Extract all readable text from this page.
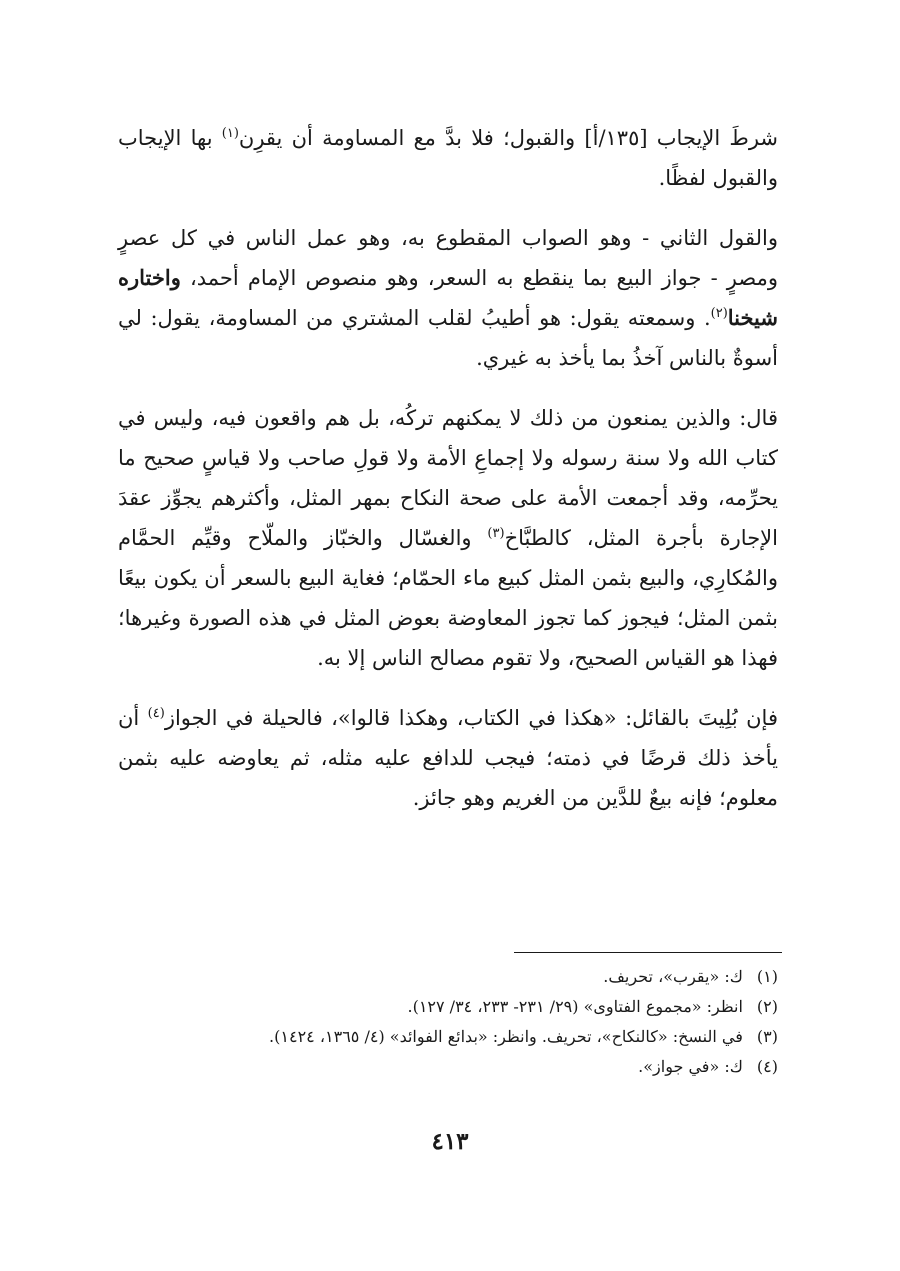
شرطَ الإيجاب [١٣٥/أ] والقبول؛ فلا بدَّ مع المساومة أن يقرِن$^{(١)}$ بها الإيجاب والقبول لفظًا.

والقول الثاني - وهو الصواب المقطوع به، وهو عمل الناس في كل عصرٍ ومصرٍ - جواز البيع بما ينقطع به السعر، وهو منصوص الإمام أحمد، واختاره شيخنا$^{(٢)}$. وسمعته يقول: هو أطيبُ لقلب المشتري من المساومة، يقول: لي أسوةٌ بالناس آخذُ بما يأخذ به غيري.

قال: والذين يمنعون من ذلك لا يمكنهم تركُه، بل هم واقعون فيه، وليس في كتاب الله ولا سنة رسوله ولا إجماعِ الأمة ولا قولِ صاحب ولا قياسٍ صحيح ما يحرِّمه، وقد أجمعت الأمة على صحة النكاح بمهر المثل، وأكثرهم يجوِّز عقدَ الإجارة بأجرة المثل، كالطبَّاخ$^{(٣)}$ والغسّال والخبّاز والملّاح وقيِّم الحمَّام والمُكارِي، والبيع بثمن المثل كبيع ماء الحمّام؛ فغاية البيع بالسعر أن يكون بيعًا بثمن المثل؛ فيجوز كما تجوز المعاوضة بعوض المثل في هذه الصورة وغيرها؛ فهذا هو القياس الصحيح، ولا تقوم مصالح الناس إلا به.

فإن بُلِيتَ بالقائل: «هكذا في الكتاب، وهكذا قالوا»، فالحيلة في الجواز$^{(٤)}$ أن يأخذ ذلك قرضًا في ذمته؛ فيجب للدافع عليه مثله، ثم يعاوضه عليه بثمن معلوم؛ فإنه بيعٌ للدَّين من الغريم وهو جائز.

(١) ك: «يقرب»، تحريف.
(٢) انظر: «مجموع الفتاوى» (٢٩/ ٢٣١- ٢٣٣، ٣٤/ ١٢٧).
(٣) في النسخ: «كالنكاح»، تحريف. وانظر: «بدائع الفوائد» (٤/ ١٣٦٥، ١٤٢٤).
(٤) ك: «في جواز».
٤١٣
